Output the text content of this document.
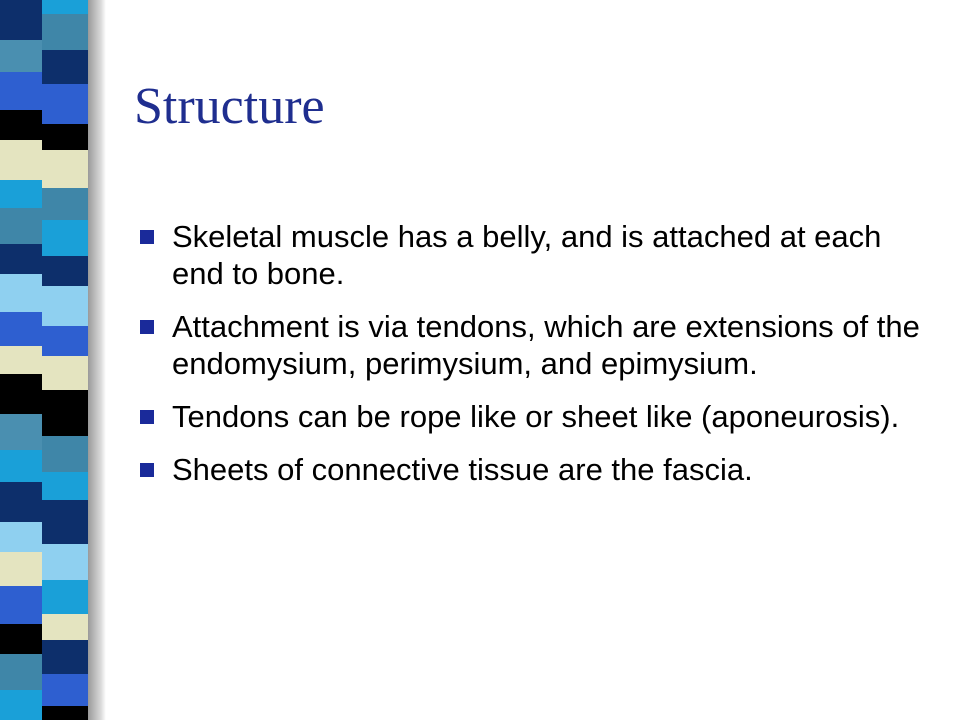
Structure
Skeletal muscle has a belly, and is attached at each end to bone.
Attachment is via tendons, which are extensions of the endomysium, perimysium, and epimysium.
Tendons can be rope like or sheet like (aponeurosis).
Sheets of connective tissue are the fascia.
